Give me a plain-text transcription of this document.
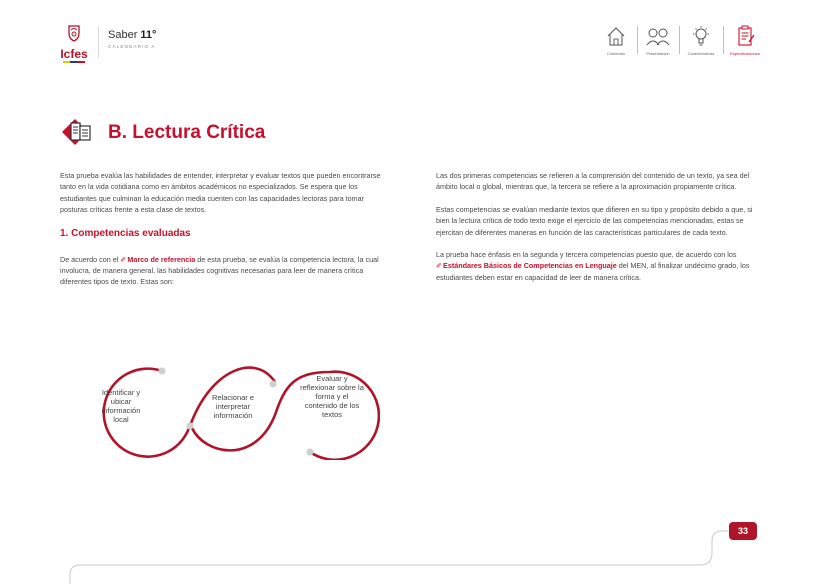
Icfes
Saber 11°
CALENDARIO A
Contenido	Presentación	Características	Especificaciones
B. Lectura Crítica

Esta prueba evalúa las habilidades de entender, interpretar y evaluar textos que pueden encontrarse tanto en la vida cotidiana como en ámbitos académicos no especializados. Se espera que los estudiantes que culminan la educación media cuenten con las capacidades lectoras para tomar posturas críticas frente a esta clase de textos.

1. Competencias evaluadas

De acuerdo con el ✐Marco de referencia de esta prueba, se evalúa la competencia lectora, la cual involucra, de manera general, las habilidades cognitivas necesarias para leer de manera crítica diferentes tipos de texto. Estas son:

Identificar y ubicar información local
Relacionar e interpretar información
Evaluar y reflexionar sobre la forma y el contenido de los textos

Las dos primeras competencias se refieren a la comprensión del contenido de un texto, ya sea del ámbito local o global, mientras que, la tercera se refiere a la aproximación propiamente crítica.

Estas competencias se evalúan mediante textos que difieren en su tipo y propósito debido a que, si bien la lectura crítica de todo texto exige el ejercicio de las competencias mencionadas, estas se ejercitan de diferentes maneras en función de las características particulares de cada texto.

La prueba hace énfasis en la segunda y tercera competencias puesto que, de acuerdo con los ✐Estándares Básicos de Competencias en Lenguaje del MEN, al finalizar undécimo grado, los estudiantes deben estar en capacidad de leer de manera crítica.

33
